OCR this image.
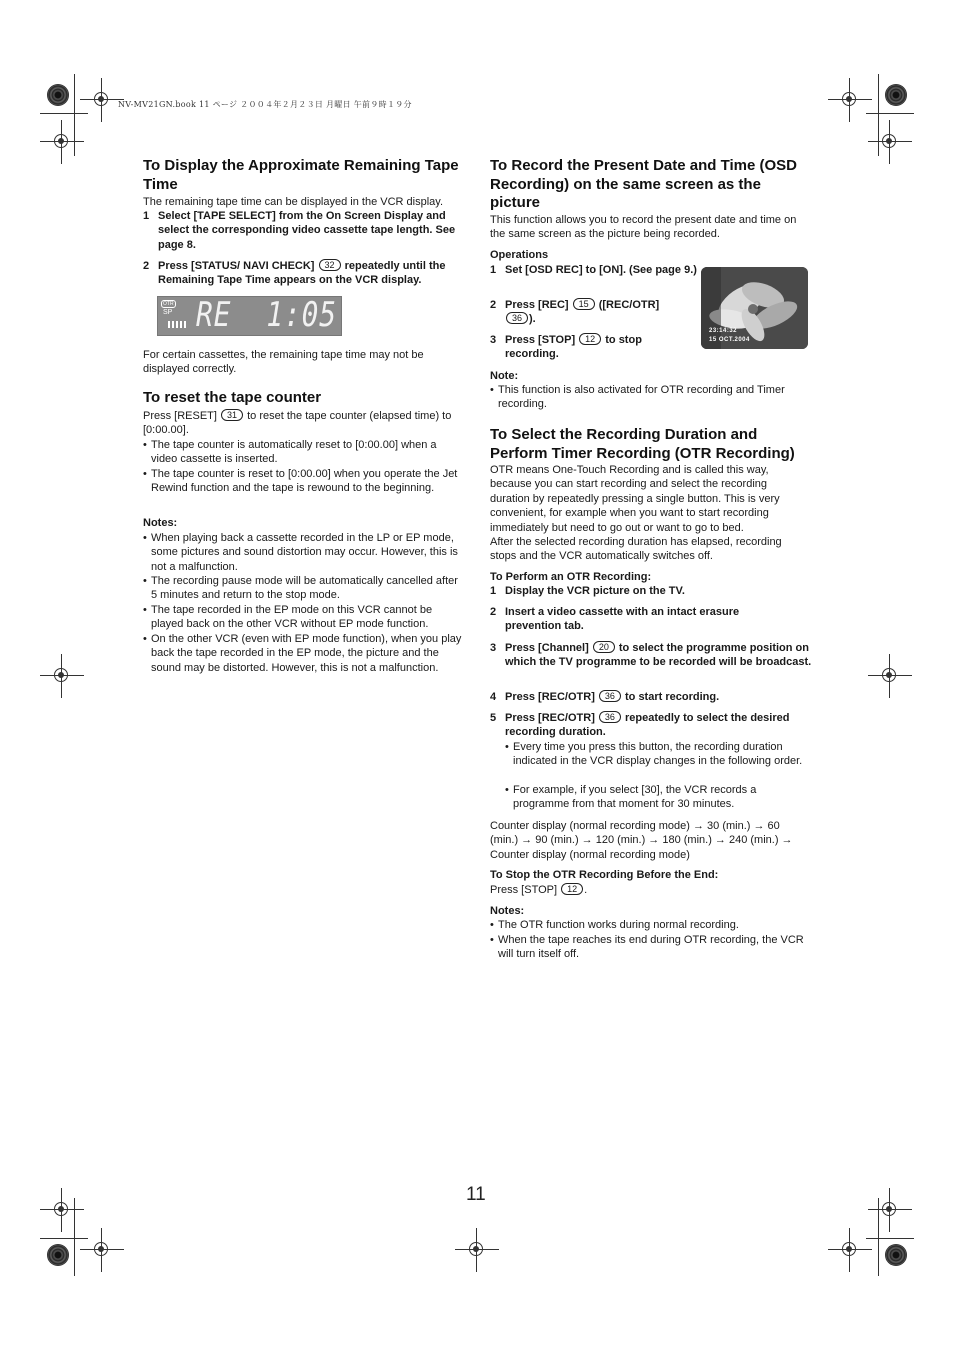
NV-MV21GN.book 11 ページ ２００４年２月２３日 月曜日 午前９時１９分
To Display the Approximate Remaining Tape Time

The remaining tape time can be displayed in the VCR display.

1 Select [TAPE SELECT] from the On Screen Display and select the corresponding video cassette tape length. See page 8.
2 Press [STATUS/ NAVI CHECK] 32 repeatedly until the Remaining Tape Time appears on the VCR display.
OTR
SP RE  1:05

For certain cassettes, the remaining tape time may not be displayed correctly.

To reset the tape counter

Press [RESET] 31 to reset the tape counter (elapsed time) to [0:00.00].

• The tape counter is automatically reset to [0:00.00] when a video cassette is inserted.
• The tape counter is reset to [0:00.00] when you operate the Jet Rewind function and the tape is rewound to the beginning.

Notes:

• When playing back a cassette recorded in the LP or EP mode, some pictures and sound distortion may occur. However, this is not a malfunction.
• The recording pause mode will be automatically cancelled after 5 minutes and return to the stop mode.
• The tape recorded in the EP mode on this VCR cannot be played back on the other VCR without EP mode function.
• On the other VCR (even with EP mode function), when you play back the tape recorded in the EP mode, the picture and the sound may be distorted. However, this is not a malfunction.
To Record the Present Date and Time (OSD Recording) on the same screen as the picture

This function allows you to record the present date and time on the same screen as the picture being recorded.

Operations

1 Set [OSD REC] to [ON]. (See page 9.)
2 Press [REC] 15 ([REC/OTR] 36 ).
3 Press [STOP] 12 to stop recording.
23:14:32
15 OCT.2004

Note:

• This function is also activated for OTR recording and Timer recording.
To Select the Recording Duration and Perform Timer Recording (OTR Recording)

OTR means One-Touch Recording and is called this way, because you can start recording and select the recording duration by repeatedly pressing a single button. This is very convenient, for example when you want to start recording immediately but need to go out or want to go to bed.

After the selected recording duration has elapsed, recording stops and the VCR automatically switches off.

To Perform an OTR Recording:

1 Display the VCR picture on the TV.
2 Insert a video cassette with an intact erasure prevention tab.
3 Press [Channel] 20 to select the programme position on which the TV programme to be recorded will be broadcast.
4 Press [REC/OTR] 36 to start recording.
5 Press [REC/OTR] 36 repeatedly to select the desired recording duration.
• Every time you press this button, the recording duration indicated in the VCR display changes in the following order.
• For example, if you select [30], the VCR records a programme from that moment for 30 minutes.

Counter display (normal recording mode) → 30 (min.) → 60 (min.) → 90 (min.) → 120 (min.) → 180 (min.) → 240 (min.) → Counter display (normal recording mode)

To Stop the OTR Recording Before the End:

Press [STOP] 12 .

Notes:

• The OTR function works during normal recording.
• When the tape reaches its end during OTR recording, the VCR will turn itself off.
11
